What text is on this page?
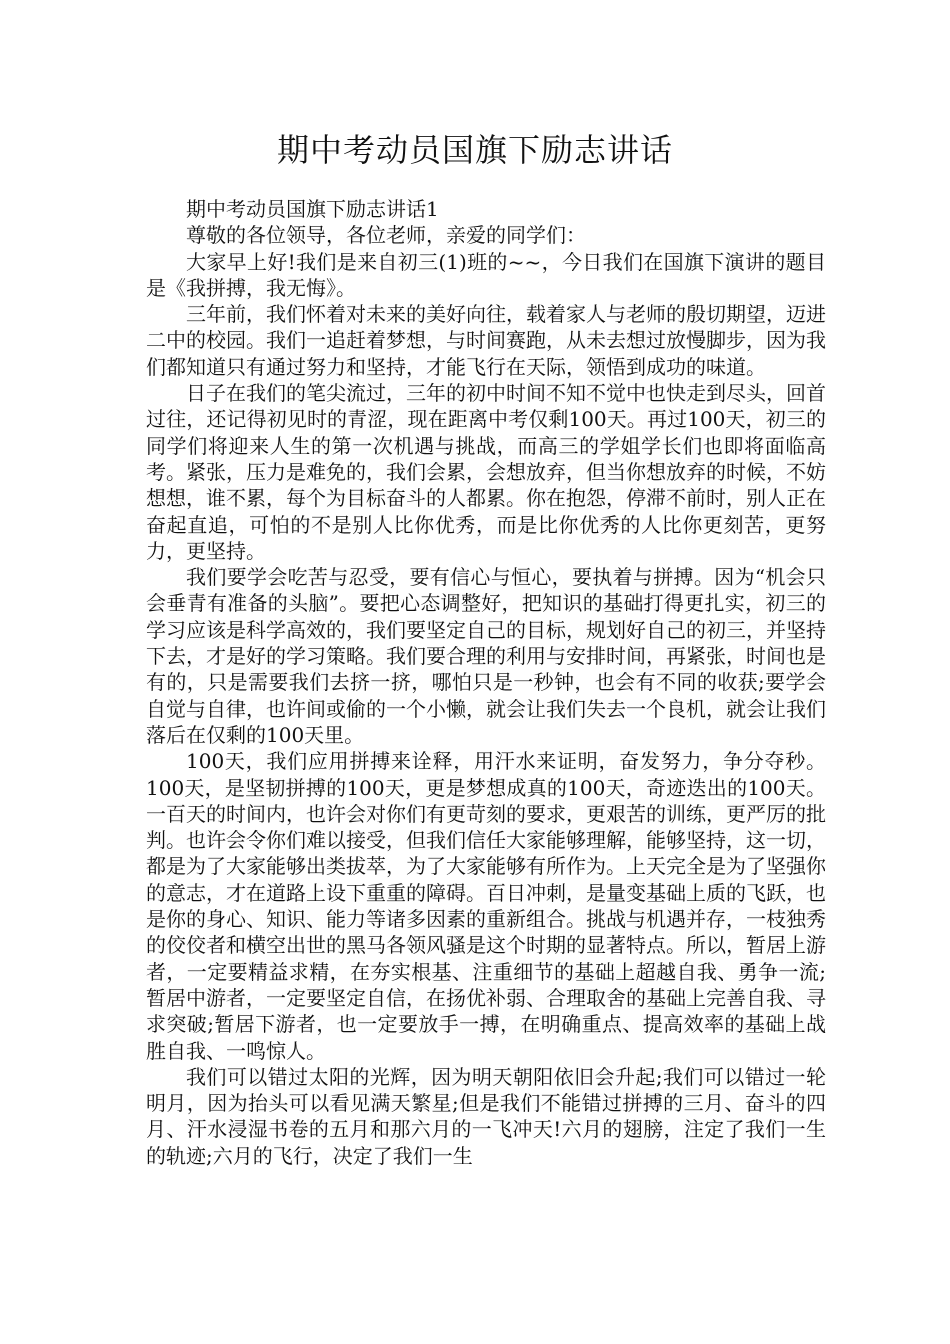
期中考动员国旗下励志讲话

期中考动员国旗下励志讲话1

尊敬的各位领导，各位老师，亲爱的同学们：

大家早上好!我们是来自初三(1)班的~~，今日我们在国旗下演讲的题目是《我拼搏，我无悔》。

三年前，我们怀着对未来的美好向往，载着家人与老师的殷切期望，迈进二中的校园。我们一追赶着梦想，与时间赛跑，从未去想过放慢脚步，因为我们都知道只有通过努力和坚持，才能飞行在天际，领悟到成功的味道。

日子在我们的笔尖流过，三年的初中时间不知不觉中也快走到尽头，回首过往，还记得初见时的青涩，现在距离中考仅剩100天。再过100天，初三的同学们将迎来人生的第一次机遇与挑战，而高三的学姐学长们也即将面临高考。紧张，压力是难免的，我们会累，会想放弃，但当你想放弃的时候，不妨想想，谁不累，每个为目标奋斗的人都累。你在抱怨，停滞不前时，别人正在奋起直追，可怕的不是别人比你优秀，而是比你优秀的人比你更刻苦，更努力，更坚持。

我们要学会吃苦与忍受，要有信心与恒心，要执着与拼搏。因为“机会只会垂青有准备的头脑”。要把心态调整好，把知识的基础打得更扎实，初三的学习应该是科学高效的，我们要坚定自己的目标，规划好自己的初三，并坚持下去，才是好的学习策略。我们要合理的利用与安排时间，再紧张，时间也是有的，只是需要我们去挤一挤，哪怕只是一秒钟，也会有不同的收获;要学会自觉与自律，也许间或偷的一个小懒，就会让我们失去一个良机，就会让我们落后在仅剩的100天里。

100天，我们应用拼搏来诠释，用汗水来证明，奋发努力，争分夺秒。100天，是坚韧拼搏的100天，更是梦想成真的100天，奇迹迭出的100天。一百天的时间内，也许会对你们有更苛刻的要求，更艰苦的训练，更严厉的批判。也许会令你们难以接受，但我们信任大家能够理解，能够坚持，这一切，都是为了大家能够出类拔萃，为了大家能够有所作为。上天完全是为了坚强你的意志，才在道路上设下重重的障碍。百日冲刺，是量变基础上质的飞跃，也是你的身心、知识、能力等诸多因素的重新组合。挑战与机遇并存，一枝独秀的佼佼者和横空出世的黑马各领风骚是这个时期的显著特点。所以，暂居上游者，一定要精益求精，在夯实根基、注重细节的基础上超越自我、勇争一流;暂居中游者，一定要坚定自信，在扬优补弱、合理取舍的基础上完善自我、寻求突破;暂居下游者，也一定要放手一搏，在明确重点、提高效率的基础上战胜自我、一鸣惊人。

我们可以错过太阳的光辉，因为明天朝阳依旧会升起;我们可以错过一轮明月，因为抬头可以看见满天繁星;但是我们不能错过拼搏的三月、奋斗的四月、汗水浸湿书卷的五月和那六月的一飞冲天!六月的翅膀，注定了我们一生的轨迹;六月的飞行，决定了我们一生
